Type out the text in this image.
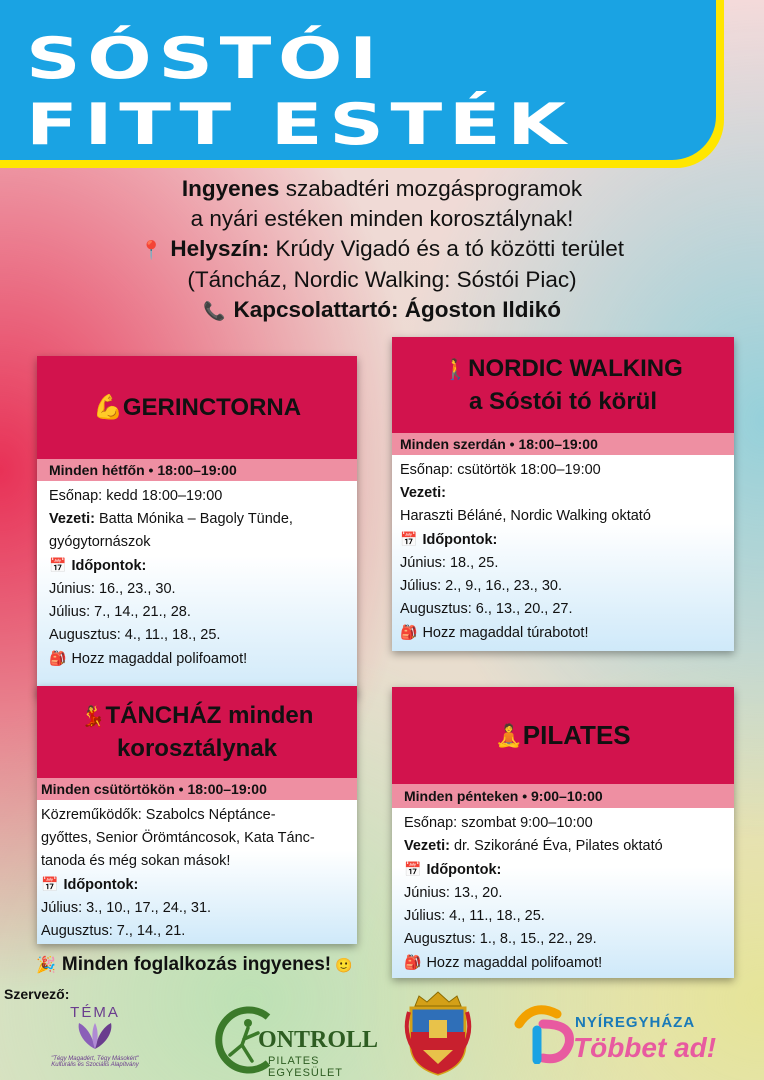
SÓSTÓI
FITT ESTÉK
Ingyenes szabadtéri mozgásprogramok
a nyári estéken minden korosztálynak!
📍 Helyszín: Krúdy Vigadó és a tó közötti terület
(Táncház, Nordic Walking: Sóstói Piac)
📞 Kapcsolattartó: Ágoston Ildikó
💪 GERINCTORNA
Minden hétfőn • 18:00–19:00
Esőnap: kedd 18:00–19:00
Vezeti: Batta Mónika – Bagoly Tünde,
gyógytornászok
📅 Időpontok:
Június: 16., 23., 30.
Július: 7., 14., 21., 28.
Augusztus: 4., 11., 18., 25.
🎒 Hozz magaddal polifoamot!
🚶NORDIC WALKING
a Sóstói tó körül
Minden szerdán • 18:00–19:00
Esőnap: csütörtök 18:00–19:00
Vezeti:
Haraszti Béláné, Nordic Walking oktató
📅 Időpontok:
Június: 18., 25.
Július: 2., 9., 16., 23., 30.
Augusztus: 6., 13., 20., 27.
🎒 Hozz magaddal túrabotot!
💃TÁNCHÁZ minden
korosztálynak
Minden csütörtökön • 18:00–19:00
Közreműködők: Szabolcs Néptánce-
győttes, Senior Örömtáncosok, Kata Tánc-
tanoda és még sokan mások!
📅 Időpontok:
Július: 3., 10., 17., 24., 31.
Augusztus: 7., 14., 21.
🧘 PILATES
Minden pénteken • 9:00–10:00
Esőnap: szombat 9:00–10:00
Vezeti: dr. Szikoráné Éva, Pilates oktató
📅 Időpontok:
Június: 13., 20.
Július: 4., 11., 18., 25.
Augusztus: 1., 8., 15., 22., 29.
🎒 Hozz magaddal polifoamot!
🎉 Minden foglalkozás ingyenes! 🙂
Szervező:
TÉMA
"Tégy Magadért, Tégy Másokért"
Kulturális és Szociális Alapítvány
ONTROLL
PILATES EGYESÜLET
NYÍREGYHÁZA
Többet ad!
